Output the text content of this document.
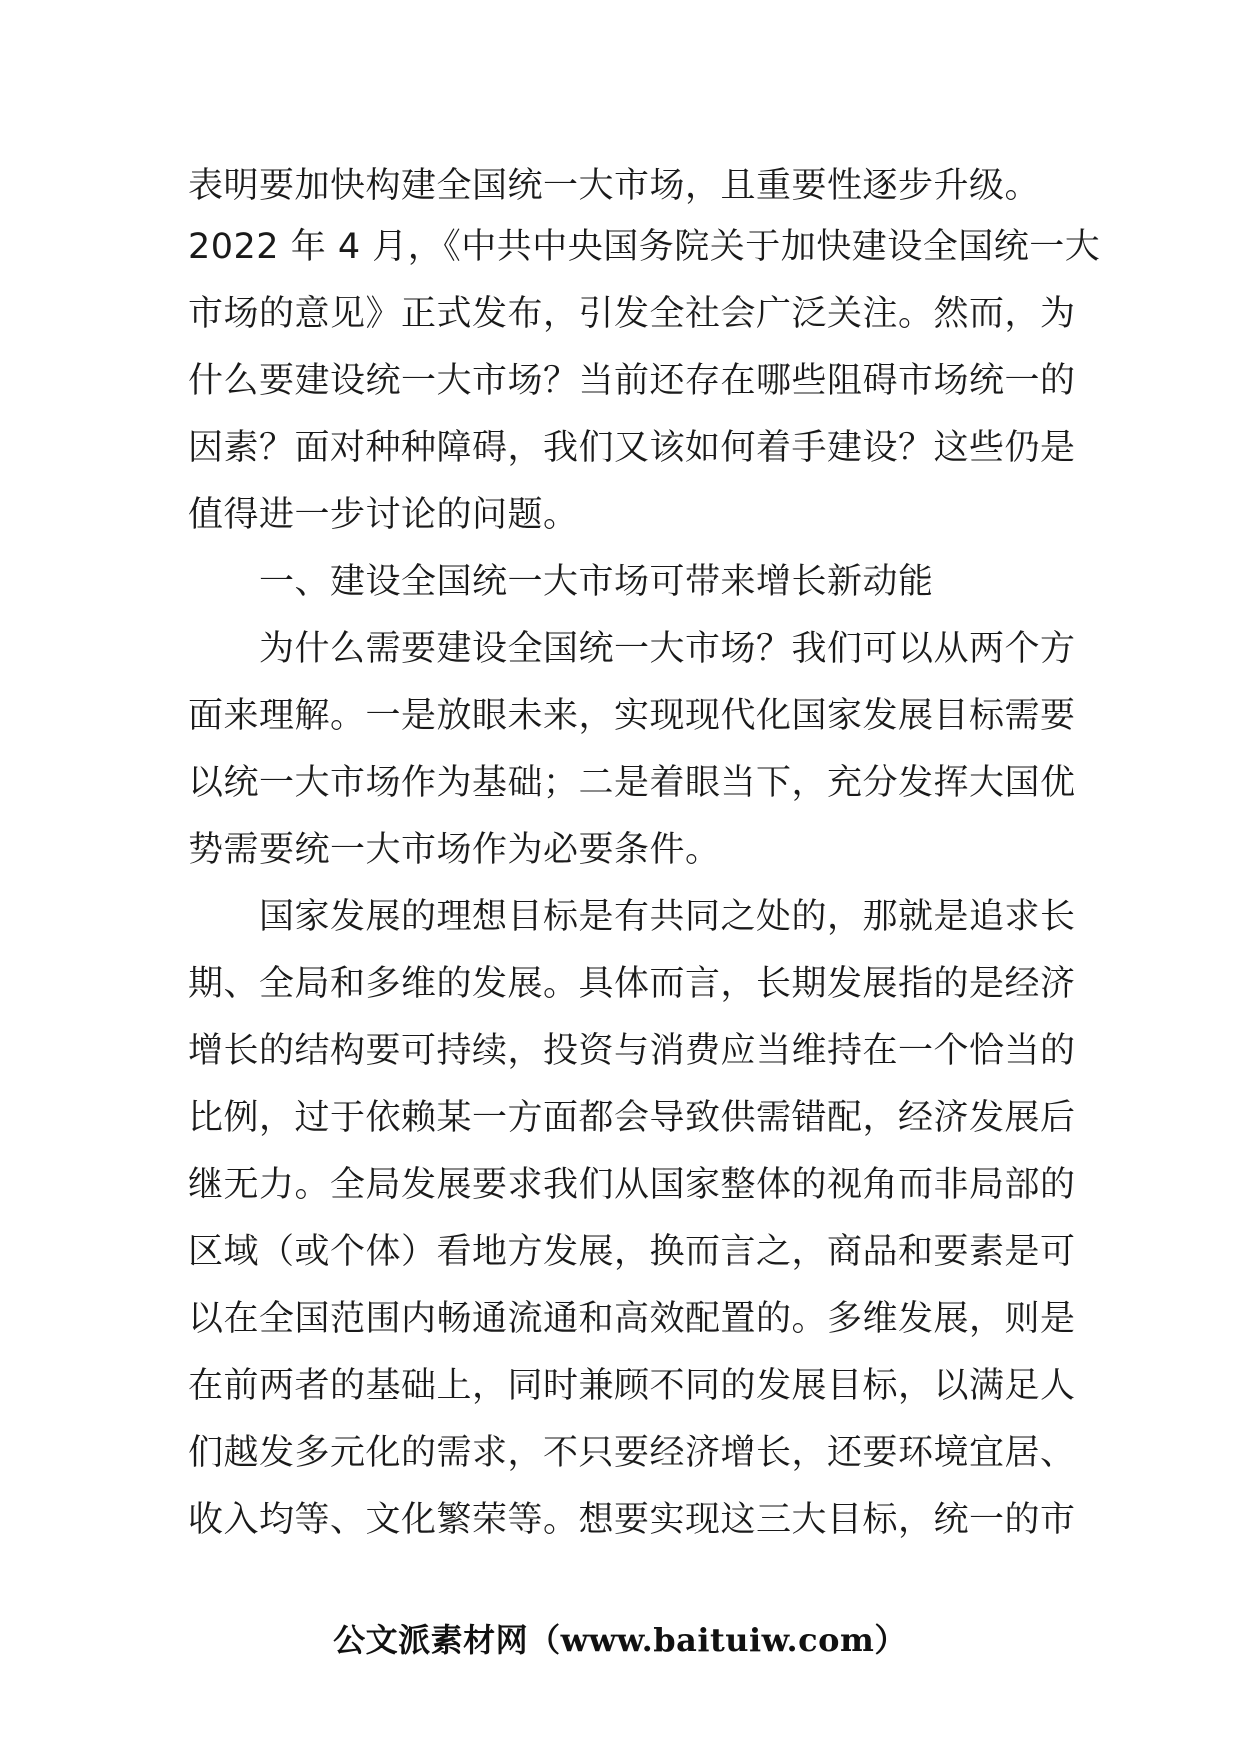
表明要加快构建全国统一大市场，且重要性逐步升级。
2022 年 4 月，《中共中央国务院关于加快建设全国统一大
市场的意见》正式发布，引发全社会广泛关注。然而，为
什么要建设统一大市场？当前还存在哪些阻碍市场统一的
因素？面对种种障碍，我们又该如何着手建设？这些仍是
值得进一步讨论的问题。
　　一、建设全国统一大市场可带来增长新动能
　　为什么需要建设全国统一大市场？我们可以从两个方
面来理解。一是放眼未来，实现现代化国家发展目标需要
以统一大市场作为基础；二是着眼当下，充分发挥大国优
势需要统一大市场作为必要条件。
　　国家发展的理想目标是有共同之处的，那就是追求长
期、全局和多维的发展。具体而言，长期发展指的是经济
增长的结构要可持续，投资与消费应当维持在一个恰当的
比例，过于依赖某一方面都会导致供需错配，经济发展后
继无力。全局发展要求我们从国家整体的视角而非局部的
区域（或个体）看地方发展，换而言之，商品和要素是可
以在全国范围内畅通流通和高效配置的。多维发展，则是
在前两者的基础上，同时兼顾不同的发展目标，以满足人
们越发多元化的需求，不只要经济增长，还要环境宜居、
收入均等、文化繁荣等。想要实现这三大目标，统一的市
公文派素材网（www.baituiw.com）
